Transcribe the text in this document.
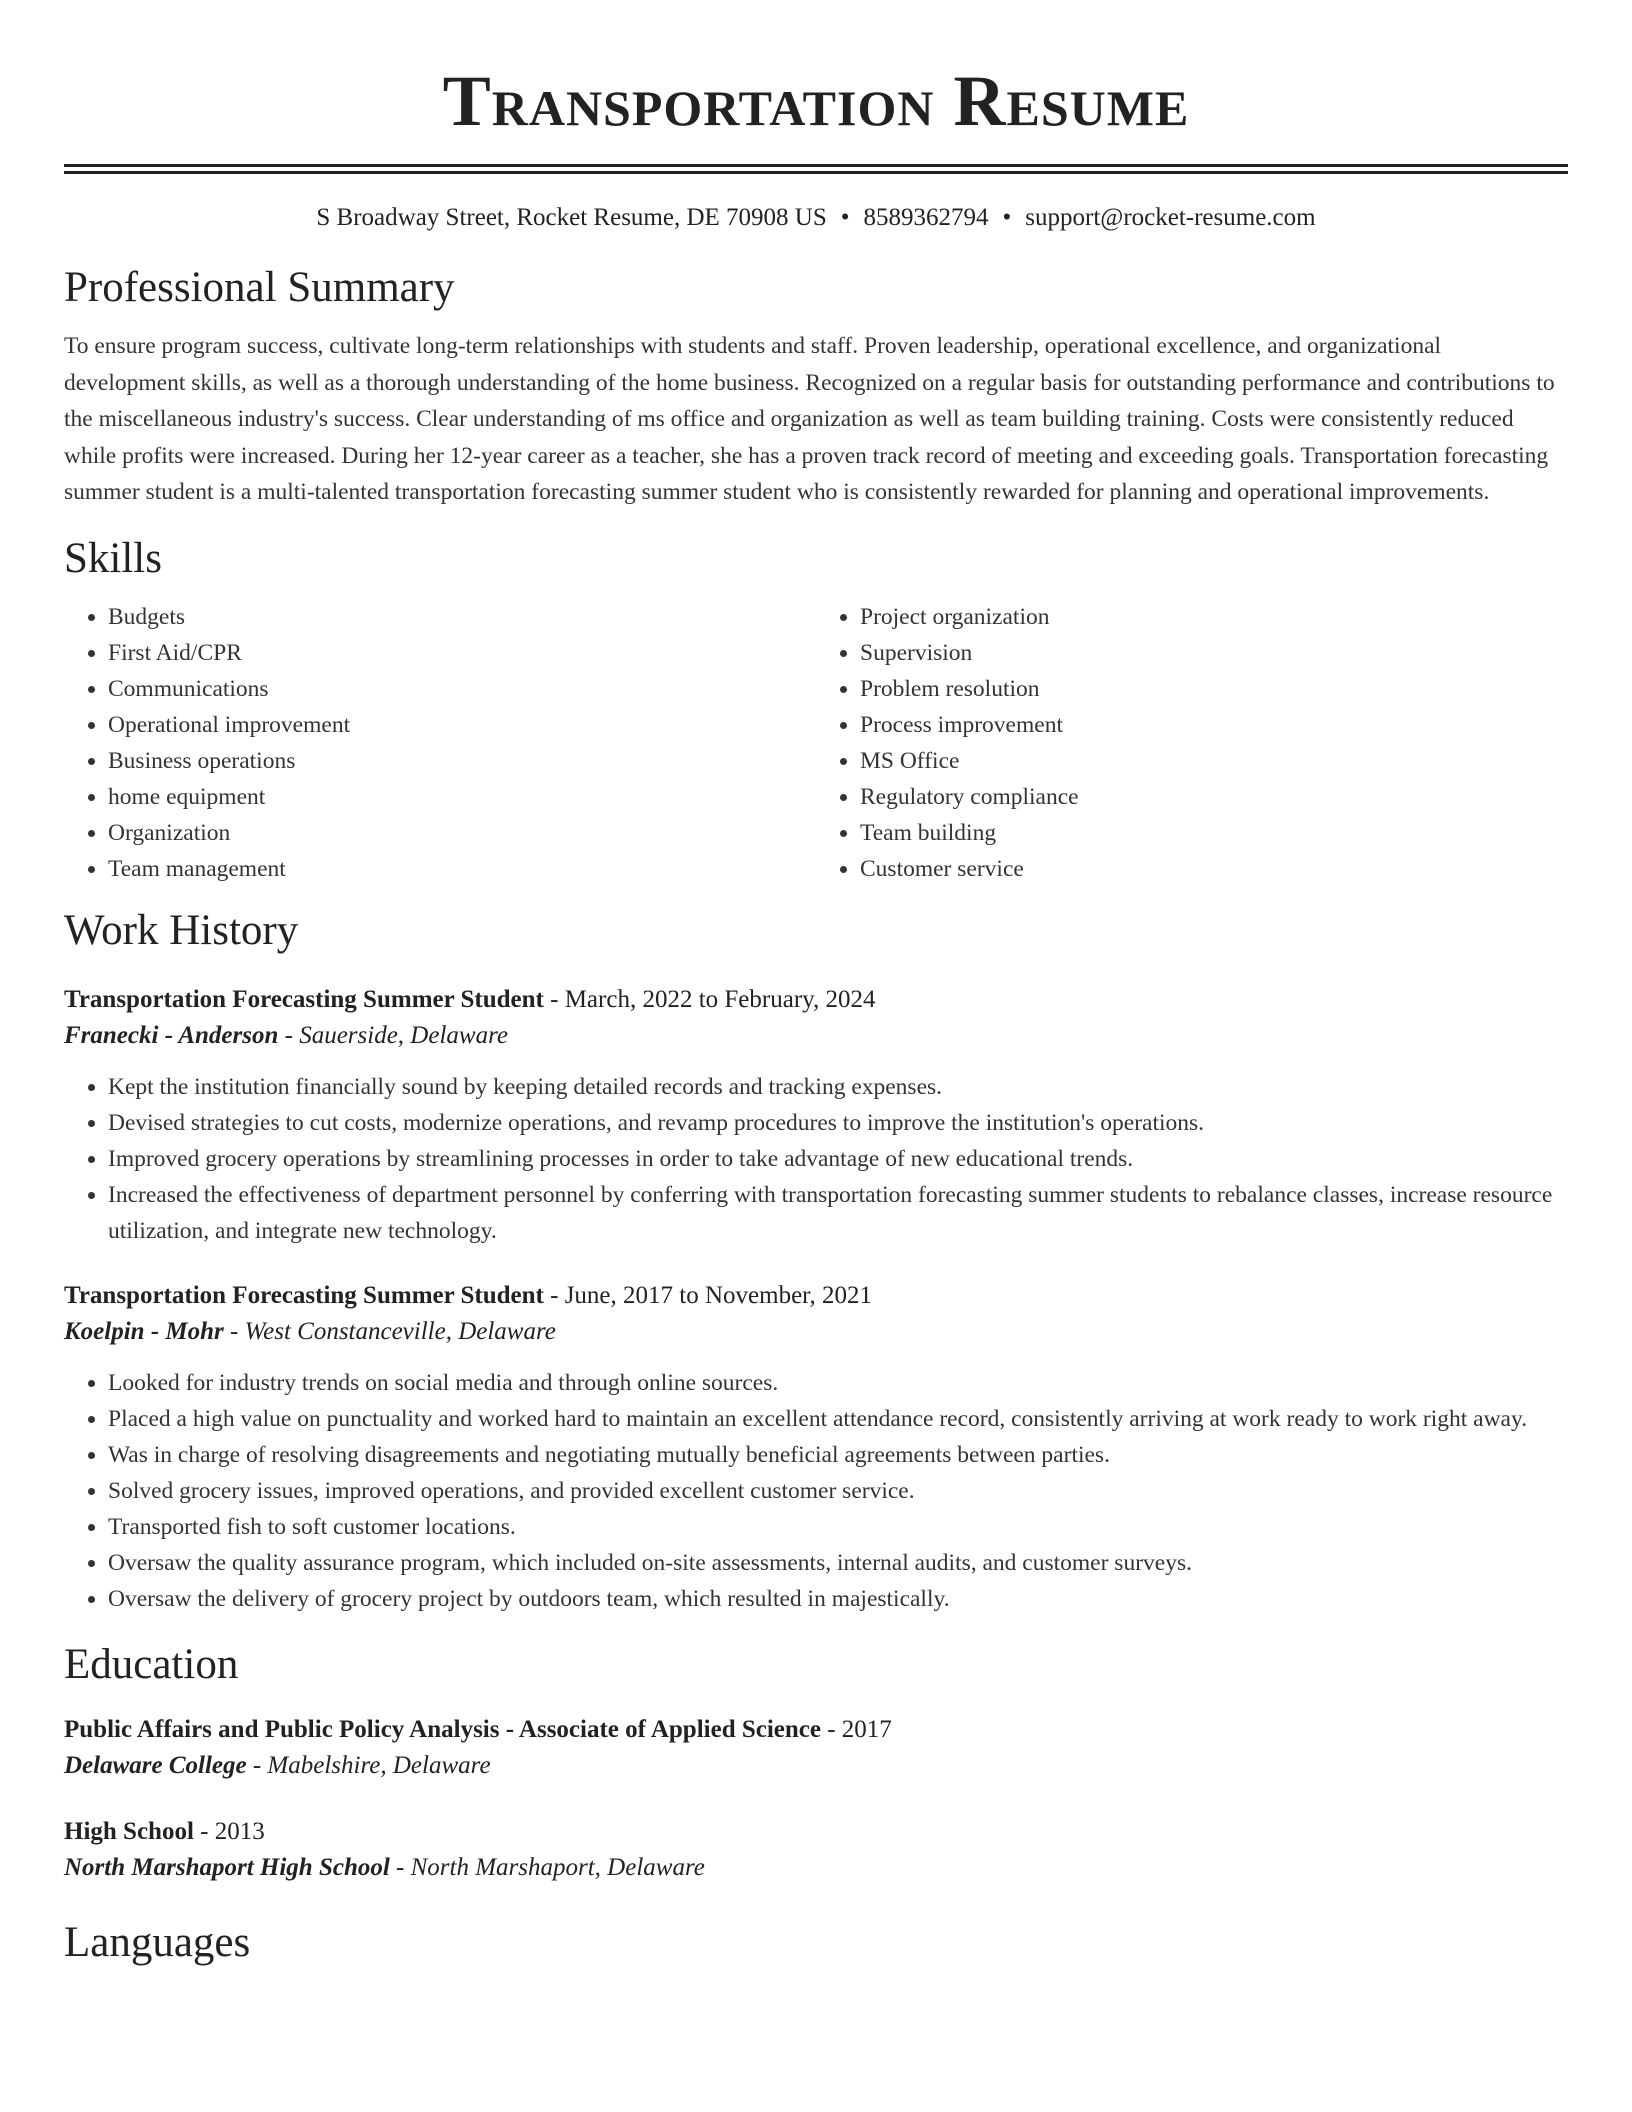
Transportation Resume
S Broadway Street, Rocket Resume, DE 70908 US • 8589362794 • support@rocket-resume.com
Professional Summary
To ensure program success, cultivate long-term relationships with students and staff. Proven leadership, operational excellence, and organizational development skills, as well as a thorough understanding of the home business. Recognized on a regular basis for outstanding performance and contributions to the miscellaneous industry's success. Clear understanding of ms office and organization as well as team building training. Costs were consistently reduced while profits were increased. During her 12-year career as a teacher, she has a proven track record of meeting and exceeding goals. Transportation forecasting summer student is a multi-talented transportation forecasting summer student who is consistently rewarded for planning and operational improvements.
Skills
• Budgets
• First Aid/CPR
• Communications
• Operational improvement
• Business operations
• home equipment
• Organization
• Team management
• Project organization
• Supervision
• Problem resolution
• Process improvement
• MS Office
• Regulatory compliance
• Team building
• Customer service
Work History
Transportation Forecasting Summer Student - March, 2022 to February, 2024
Franecki - Anderson - Sauerside, Delaware
• Kept the institution financially sound by keeping detailed records and tracking expenses.
• Devised strategies to cut costs, modernize operations, and revamp procedures to improve the institution's operations.
• Improved grocery operations by streamlining processes in order to take advantage of new educational trends.
• Increased the effectiveness of department personnel by conferring with transportation forecasting summer students to rebalance classes, increase resource utilization, and integrate new technology.
Transportation Forecasting Summer Student - June, 2017 to November, 2021
Koelpin - Mohr - West Constanceville, Delaware
• Looked for industry trends on social media and through online sources.
• Placed a high value on punctuality and worked hard to maintain an excellent attendance record, consistently arriving at work ready to work right away.
• Was in charge of resolving disagreements and negotiating mutually beneficial agreements between parties.
• Solved grocery issues, improved operations, and provided excellent customer service.
• Transported fish to soft customer locations.
• Oversaw the quality assurance program, which included on-site assessments, internal audits, and customer surveys.
• Oversaw the delivery of grocery project by outdoors team, which resulted in majestically.
Education
Public Affairs and Public Policy Analysis - Associate of Applied Science - 2017
Delaware College - Mabelshire, Delaware
High School - 2013
North Marshaport High School - North Marshaport, Delaware
Languages
